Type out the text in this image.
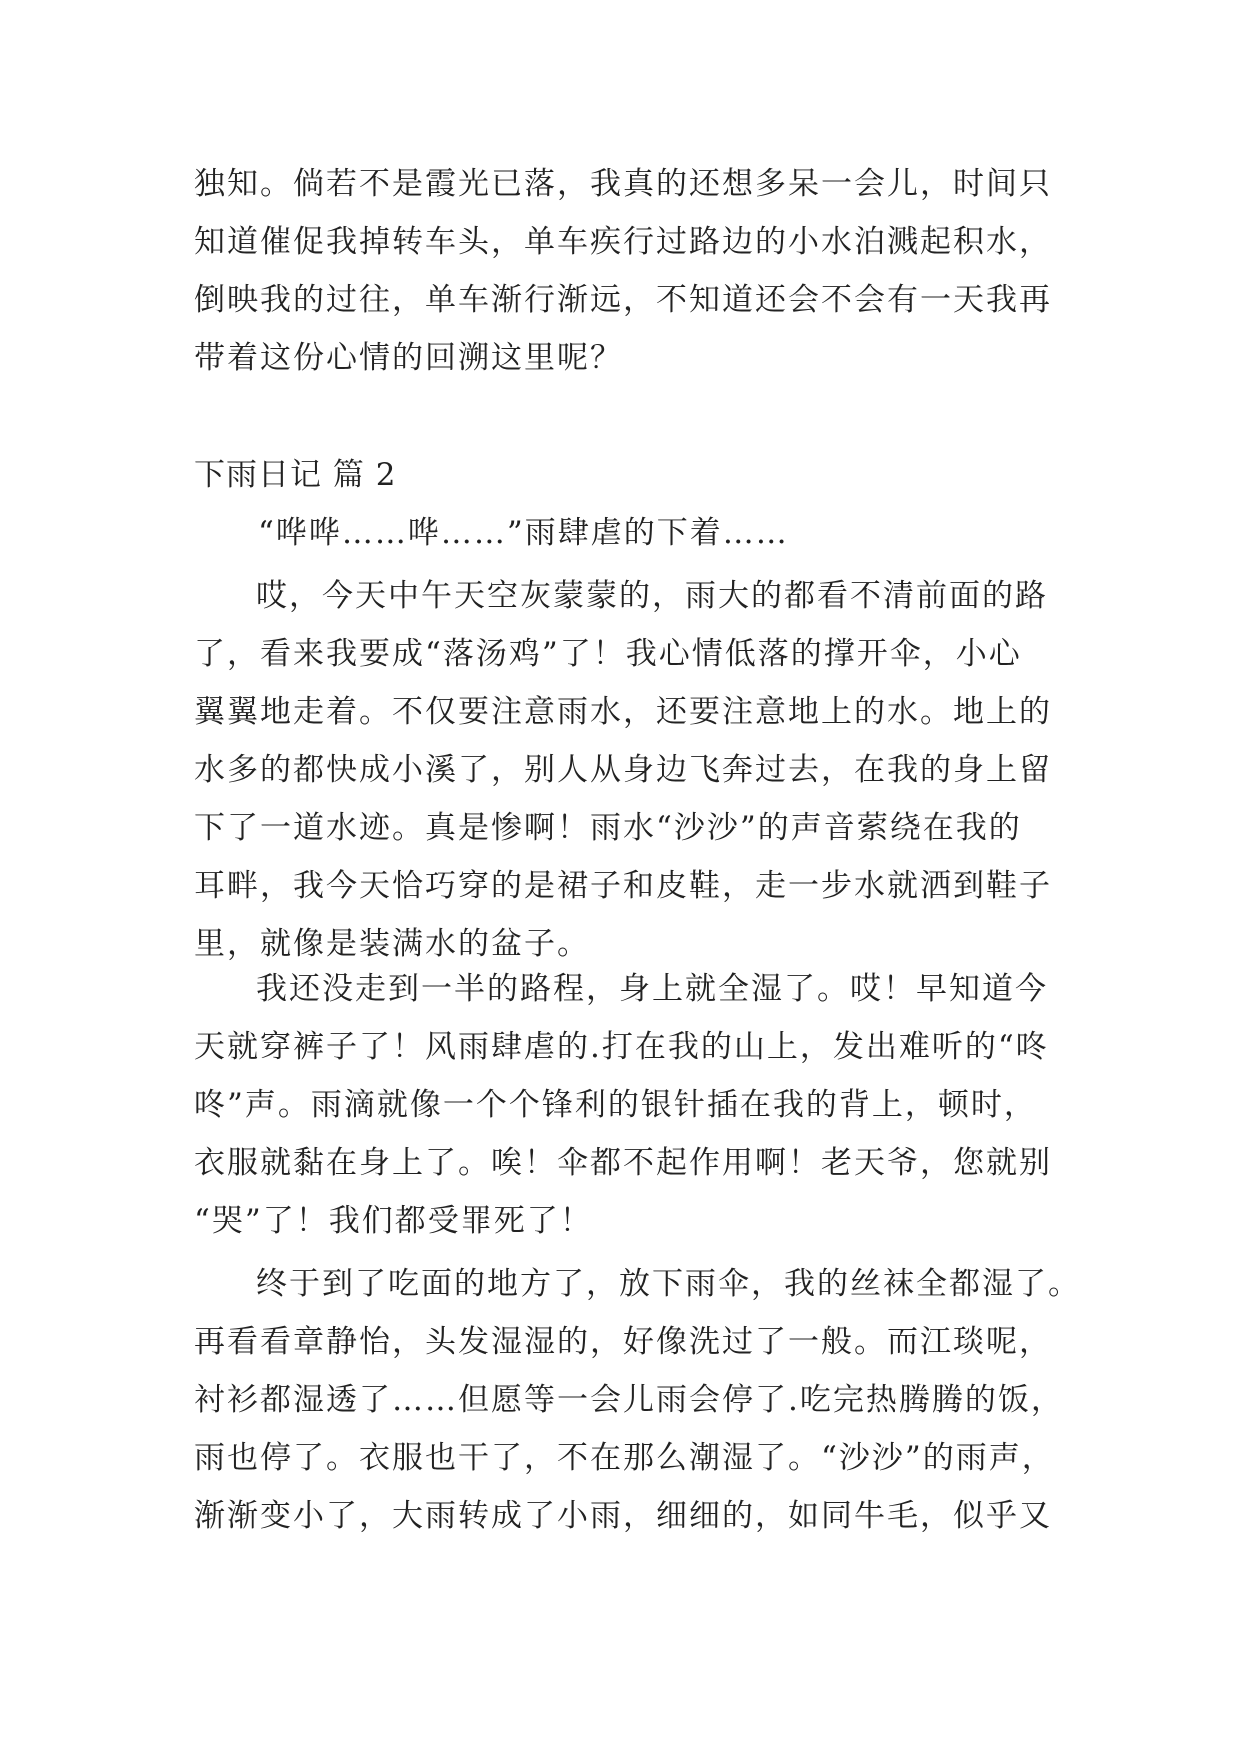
独知。倘若不是霞光已落，我真的还想多呆一会儿，时间只
知道催促我掉转车头，单车疾行过路边的小水泊溅起积水，
倒映我的过往，单车渐行渐远，不知道还会不会有一天我再
带着这份心情的回溯这里呢？
下雨日记 篇 2
“哗哗……哗……”雨肆虐的下着……
哎，今天中午天空灰蒙蒙的，雨大的都看不清前面的路
了，看来我要成“落汤鸡”了！我心情低落的撑开伞，小心
翼翼地走着。不仅要注意雨水，还要注意地上的水。地上的
水多的都快成小溪了，别人从身边飞奔过去，在我的身上留
下了一道水迹。真是惨啊！雨水“沙沙”的声音萦绕在我的
耳畔，我今天恰巧穿的是裙子和皮鞋，走一步水就洒到鞋子
里，就像是装满水的盆子。
我还没走到一半的路程，身上就全湿了。哎！早知道今
天就穿裤子了！风雨肆虐的.打在我的山上，发出难听的“咚
咚”声。雨滴就像一个个锋利的银针插在我的背上，顿时，
衣服就黏在身上了。唉！伞都不起作用啊！老天爷，您就别
“哭”了！我们都受罪死了！
终于到了吃面的地方了，放下雨伞，我的丝袜全都湿了。
再看看章静怡，头发湿湿的，好像洗过了一般。而江琰呢，
衬衫都湿透了……但愿等一会儿雨会停了.吃完热腾腾的饭，
雨也停了。衣服也干了，不在那么潮湿了。“沙沙”的雨声，
渐渐变小了，大雨转成了小雨，细细的，如同牛毛，似乎又
